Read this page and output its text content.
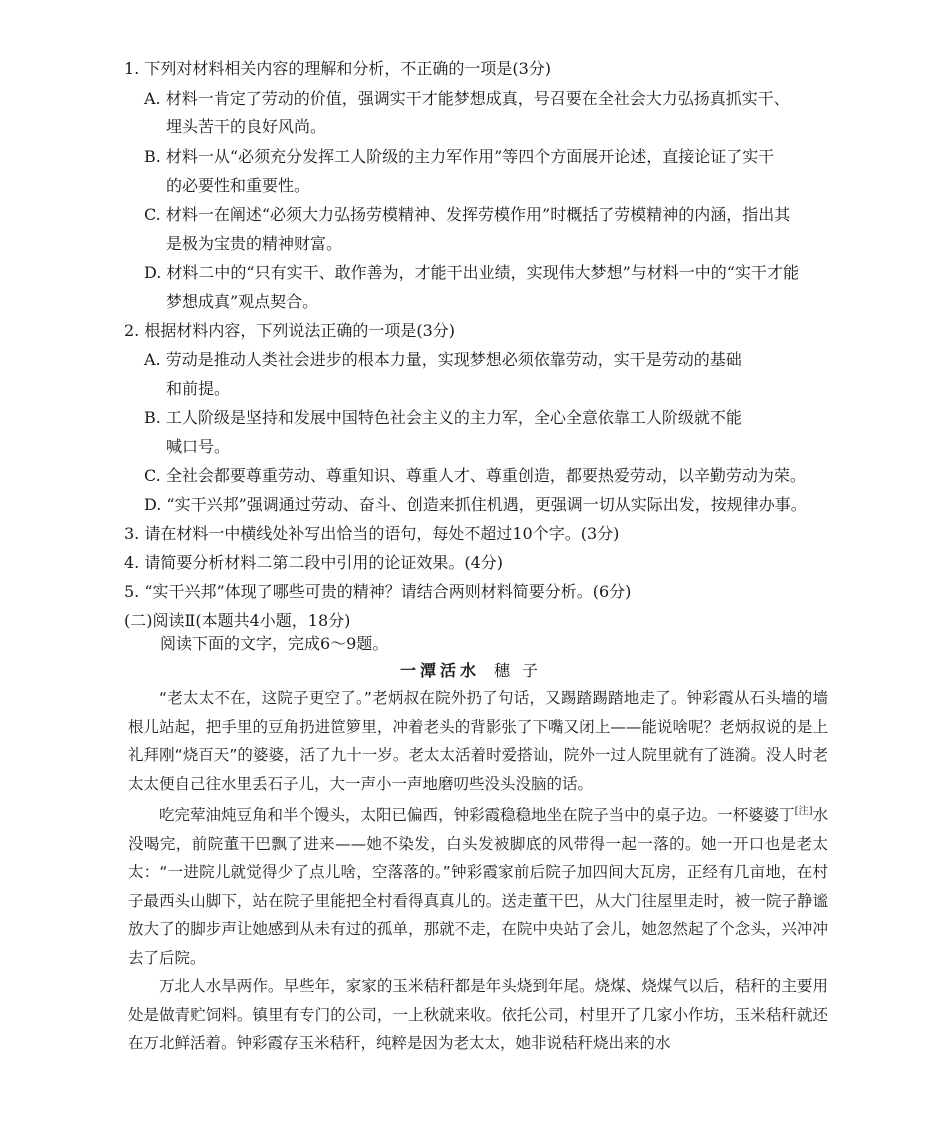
1. 下列对材料相关内容的理解和分析，不正确的一项是(3分)
A. 材料一肯定了劳动的价值，强调实干才能梦想成真，号召要在全社会大力弘扬真抓实干、
埋头苦干的良好风尚。
B. 材料一从“必须充分发挥工人阶级的主力军作用”等四个方面展开论述，直接论证了实干
的必要性和重要性。
C. 材料一在阐述“必须大力弘扬劳模精神、发挥劳模作用”时概括了劳模精神的内涵，指出其
是极为宝贵的精神财富。
D. 材料二中的“只有实干、敢作善为，才能干出业绩，实现伟大梦想”与材料一中的“实干才能
梦想成真”观点契合。
2. 根据材料内容，下列说法正确的一项是(3分)
A. 劳动是推动人类社会进步的根本力量，实现梦想必须依靠劳动，实干是劳动的基础
和前提。
B. 工人阶级是坚持和发展中国特色社会主义的主力军，全心全意依靠工人阶级就不能
喊口号。
C. 全社会都要尊重劳动、尊重知识、尊重人才、尊重创造，都要热爱劳动，以辛勤劳动为荣。
D. “实干兴邦”强调通过劳动、奋斗、创造来抓住机遇，更强调一切从实际出发，按规律办事。
3. 请在材料一中横线处补写出恰当的语句，每处不超过10个字。(3分)
4. 请简要分析材料二第二段中引用的论证效果。(4分)
5. “实干兴邦”体现了哪些可贵的精神？请结合两则材料简要分析。(6分)
(二)阅读Ⅱ(本题共4小题，18分)
阅读下面的文字，完成6～9题。
一潭活水 穗子

“老太太不在，这院子更空了。”老炳叔在院外扔了句话，又踢踏踢踏地走了。钟彩霞从石头墙的墙根儿站起，把手里的豆角扔进笸箩里，冲着老头的背影张了下嘴又闭上——能说啥呢？老炳叔说的是上礼拜刚“烧百天”的婆婆，活了九十一岁。老太太活着时爱搭讪，院外一过人院里就有了涟漪。没人时老太太便自己往水里丢石子儿，大一声小一声地磨叨些没头没脑的话。

吃完荤油炖豆角和半个馒头，太阳已偏西，钟彩霞稳稳地坐在院子当中的桌子边。一杯婆婆丁[注]水没喝完，前院董干巴飘了进来——她不染发，白头发被脚底的风带得一起一落的。她一开口也是老太太：“一进院儿就觉得少了点儿啥，空落落的。”钟彩霞家前后院子加四间大瓦房，正经有几亩地，在村子最西头山脚下，站在院子里能把全村看得真真儿的。送走董干巴，从大门往屋里走时，被一院子静谧放大了的脚步声让她感到从未有过的孤单，那就不走，在院中央站了会儿，她忽然起了个念头，兴冲冲去了后院。

万北人水旱两作。早些年，家家的玉米秸秆都是年头烧到年尾。烧煤、烧煤气以后，秸秆的主要用处是做青贮饲料。镇里有专门的公司，一上秋就来收。依托公司，村里开了几家小作坊，玉米秸秆就还在万北鲜活着。钟彩霞存玉米秸秆，纯粹是因为老太太，她非说秸秆烧出来的水
